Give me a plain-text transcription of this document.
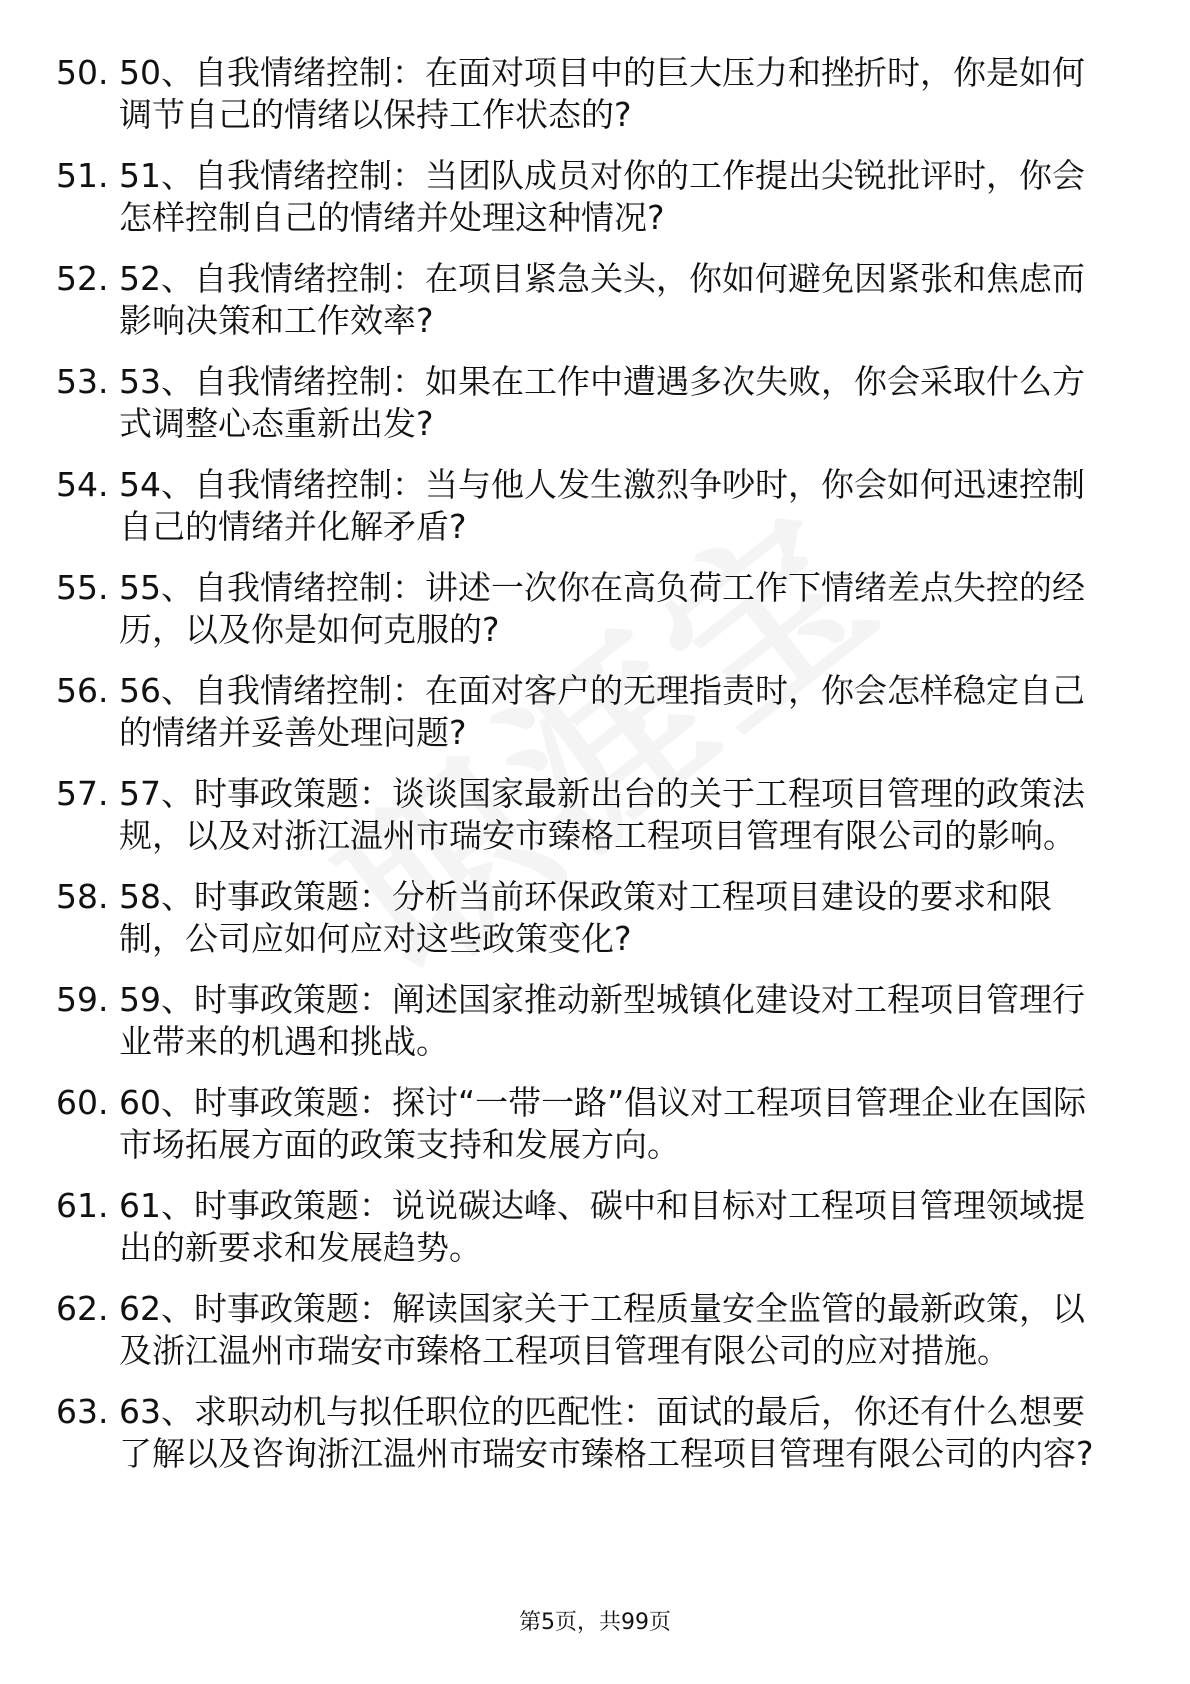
50. 50、自我情绪控制：在面对项目中的巨大压力和挫折时，你是如何调节自己的情绪以保持工作状态的?
51. 51、自我情绪控制：当团队成员对你的工作提出尖锐批评时，你会怎样控制自己的情绪并处理这种情况?
52. 52、自我情绪控制：在项目紧急关头，你如何避免因紧张和焦虑而影响决策和工作效率?
53. 53、自我情绪控制：如果在工作中遭遇多次失败，你会采取什么方式调整心态重新出发?
54. 54、自我情绪控制：当与他人发生激烈争吵时，你会如何迅速控制自己的情绪并化解矛盾?
55. 55、自我情绪控制：讲述一次你在高负荷工作下情绪差点失控的经历，以及你是如何克服的?
56. 56、自我情绪控制：在面对客户的无理指责时，你会怎样稳定自己的情绪并妥善处理问题?
57. 57、时事政策题：谈谈国家最新出台的关于工程项目管理的政策法规，以及对浙江温州市瑞安市臻格工程项目管理有限公司的影响。
58. 58、时事政策题：分析当前环保政策对工程项目建设的要求和限制，公司应如何应对这些政策变化?
59. 59、时事政策题：阐述国家推动新型城镇化建设对工程项目管理行业带来的机遇和挑战。
60. 60、时事政策题：探讨“一带一路”倡议对工程项目管理企业在国际市场拓展方面的政策支持和发展方向。
61. 61、时事政策题：说说碳达峰、碳中和目标对工程项目管理领域提出的新要求和发展趋势。
62. 62、时事政策题：解读国家关于工程质量安全监管的最新政策，以及浙江温州市瑞安市臻格工程项目管理有限公司的应对措施。
63. 63、求职动机与拟任职位的匹配性：面试的最后，你还有什么想要了解以及咨询浙江温州市瑞安市臻格工程项目管理有限公司的内容?
第5页，共99页
